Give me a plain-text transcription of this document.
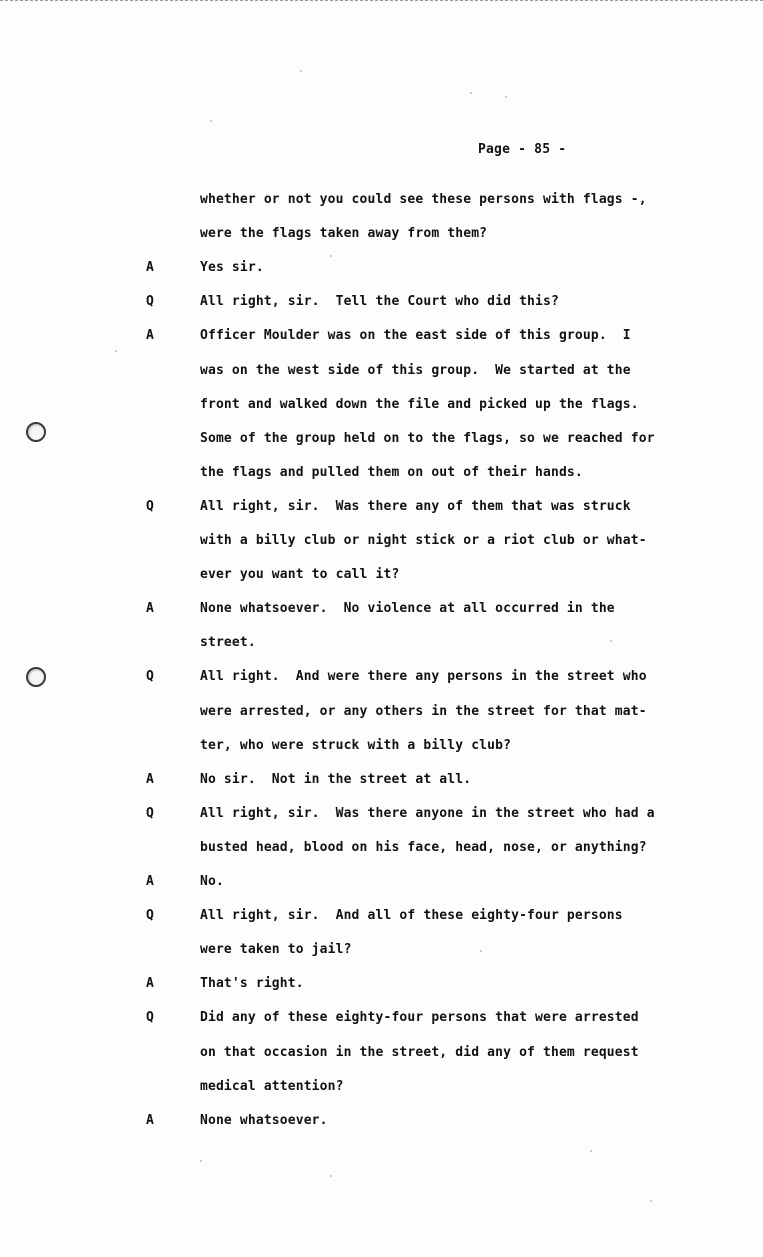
Page - 85 -
whether or not you could see these persons with flags -,
were the flags taken away from them?
A	Yes sir.
Q	All right, sir.  Tell the Court who did this?
A	Officer Moulder was on the east side of this group.  I
was on the west side of this group.  We started at the
front and walked down the file and picked up the flags.
Some of the group held on to the flags, so we reached for
the flags and pulled them on out of their hands.
Q	All right, sir.  Was there any of them that was struck
with a billy club or night stick or a riot club or what-
ever you want to call it?
A	None whatsoever.  No violence at all occurred in the
street.
Q	All right.  And were there any persons in the street who
were arrested, or any others in the street for that mat-
ter, who were struck with a billy club?
A	No sir.  Not in the street at all.
Q	All right, sir.  Was there anyone in the street who had a
busted head, blood on his face, head, nose, or anything?
A	No.
Q	All right, sir.  And all of these eighty-four persons
were taken to jail?
A	That's right.
Q	Did any of these eighty-four persons that were arrested
on that occasion in the street, did any of them request
medical attention?
A	None whatsoever.
